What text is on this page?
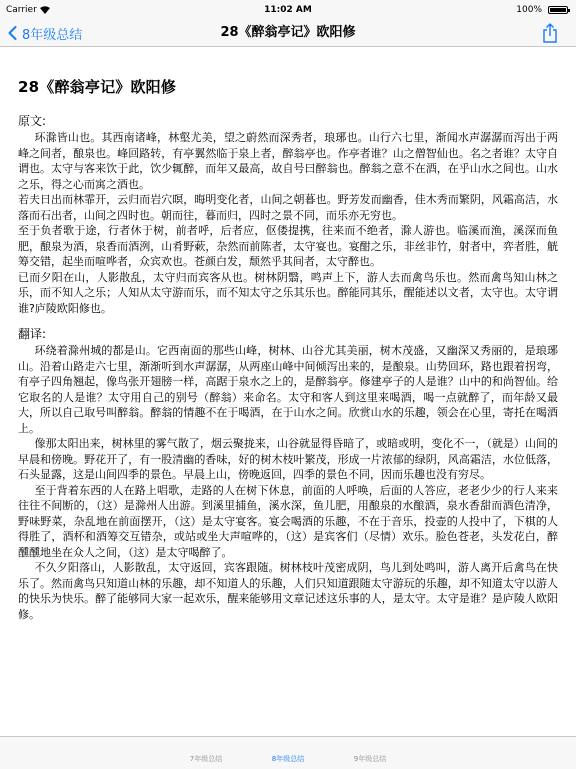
Carrier	11:02 AM	100%
8年级总结	28《醉翁亭记》欧阳修
28《醉翁亭记》欧阳修

原文:

环滁皆山也。其西南诸峰，林壑尤美，望之蔚然而深秀者，琅琊也。山行六七里，渐闻水声潺潺而泻出于两峰之间者，酿泉也。峰回路转，有亭翼然临于泉上者，醉翁亭也。作亭者谁？山之僧智仙也。名之者谁？太守自谓也。太守与客来饮于此，饮少辄醉，而年又最高，故自号曰醉翁也。醉翁之意不在酒，在乎山水之间也。山水之乐，得之心而寓之酒也。

若夫日出而林霏开，云归而岩穴暝，晦明变化者，山间之朝暮也。野芳发而幽香，佳木秀而繁阴，风霜高洁，水落而石出者，山间之四时也。朝而往，暮而归，四时之景不同，而乐亦无穷也。

至于负者歌于途，行者休于树，前者呼，后者应，伛偻提携，往来而不绝者，滁人游也。临溪而渔，溪深而鱼肥，酿泉为酒，泉香而酒洌，山肴野蔌，杂然而前陈者，太守宴也。宴酣之乐，非丝非竹，射者中，弈者胜，觥筹交错，起坐而喧哗者，众宾欢也。苍颜白发，颓然乎其间者，太守醉也。

已而夕阳在山，人影散乱，太守归而宾客从也。树林阴翳，鸣声上下，游人去而禽鸟乐也。然而禽鸟知山林之乐，而不知人之乐；人知从太守游而乐，而不知太守之乐其乐也。醉能同其乐，醒能述以文者，太守也。太守谓谁?庐陵欧阳修也。

翻译:

环绕着滁州城的都是山。它西南面的那些山峰，树林、山谷尤其美丽，树木茂盛，又幽深又秀丽的，是琅琊山。沿着山路走六七里，渐渐听到水声潺潺，从两座山峰中间倾泻出来的，是酿泉。山势回环，路也跟着拐弯，有亭子四角翘起，像鸟张开翅膀一样，高踞于泉水之上的，是醉翁亭。修建亭子的人是谁？山中的和尚智仙。给它取名的人是谁？太守用自己的别号（醉翁）来命名。太守和客人到这里来喝酒，喝一点就醉了，而年龄又最大，所以自己取号叫醉翁。醉翁的情趣不在于喝酒，在于山水之间。欣赏山水的乐趣，领会在心里，寄托在喝酒上。

像那太阳出来，树林里的雾气散了，烟云聚拢来，山谷就显得昏暗了，或暗或明，变化不一，（就是）山间的早晨和傍晚。野花开了，有一股清幽的香味，好的树木枝叶繁茂，形成一片浓郁的绿阴，风高霜洁，水位低落，石头显露，这是山间四季的景色。早晨上山，傍晚返回，四季的景色不同，因而乐趣也没有穷尽。

至于背着东西的人在路上唱歌，走路的人在树下休息，前面的人呼唤，后面的人答应，老老少少的行人来来往往不间断的，（这）是滁州人出游。到溪里捕鱼，溪水深，鱼儿肥，用酿泉的水酿酒，泉水香甜而酒色清净，野味野菜，杂乱地在前面摆开，（这）是太守宴客。宴会喝酒的乐趣，不在于音乐，投壶的人投中了，下棋的人得胜了，酒杯和酒筹交互错杂，或站或坐大声喧哗的，（这）是宾客们（尽情）欢乐。脸色苍老，头发花白，醉醺醺地坐在众人之间，（这）是太守喝醉了。

不久夕阳落山，人影散乱，太守返回，宾客跟随。树林枝叶茂密成阴，鸟儿到处鸣叫，游人离开后禽鸟在快乐了。然而禽鸟只知道山林的乐趣，却不知道人的乐趣，人们只知道跟随太守游玩的乐趣，却不知道太守以游人的快乐为快乐。醉了能够同大家一起欢乐，醒来能够用文章记述这乐事的人，是太守。太守是谁？是庐陵人欧阳修。

7年级总结	8年级总结	9年级总结
